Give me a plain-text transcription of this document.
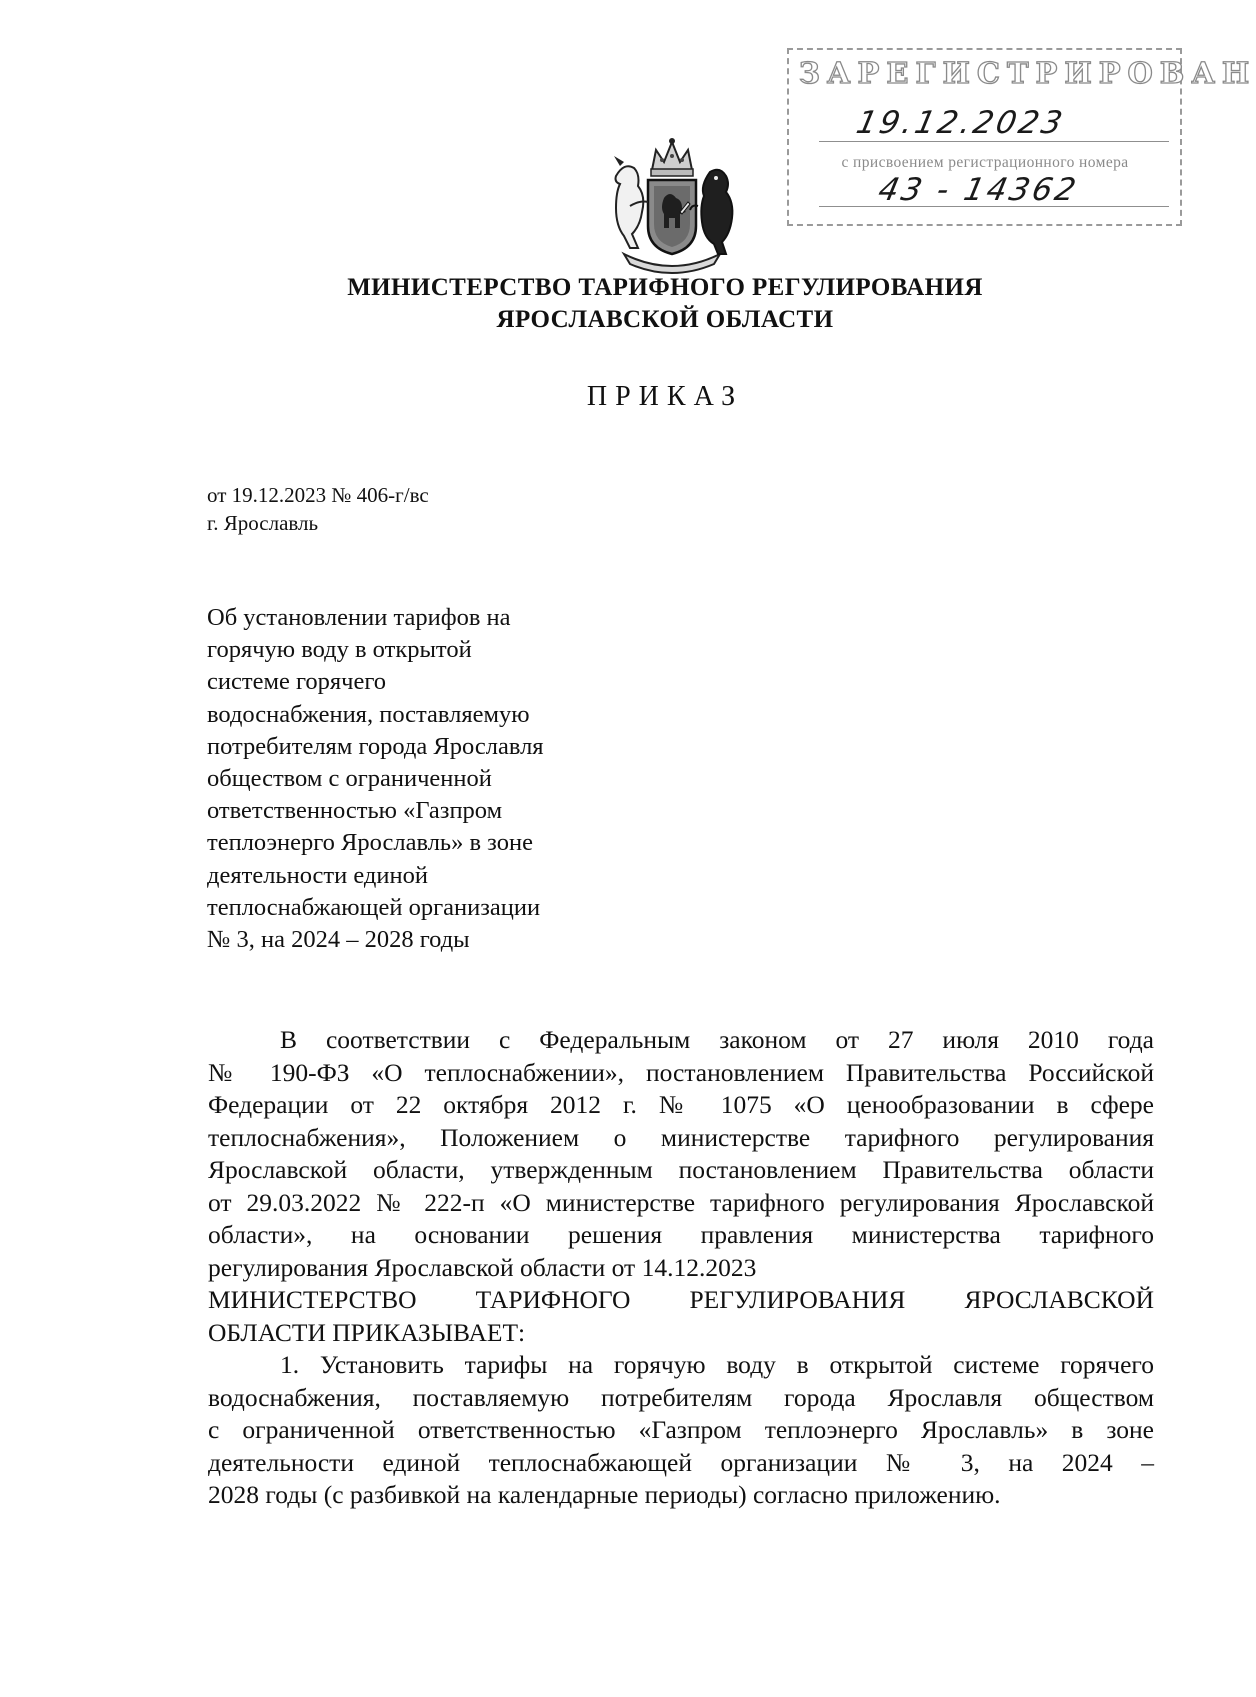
ЗАРЕГИСТРИРОВАН
19.12.2023
с присвоением регистрационного номера
43 - 14362
МИНИСТЕРСТВО ТАРИФНОГО РЕГУЛИРОВАНИЯ
ЯРОСЛАВСКОЙ ОБЛАСТИ
ПРИКАЗ
от 19.12.2023 № 406-г/вс
г. Ярославль
Об установлении тарифов на
горячую воду в открытой
системе горячего
водоснабжения, поставляемую
потребителям города Ярославля
обществом с ограниченной
ответственностью «Газпром
теплоэнерго Ярославль» в зоне
деятельности единой
теплоснабжающей организации
№ 3, на 2024 – 2028 годы
В соответствии с Федеральным законом от 27 июля 2010 года
№ 190-ФЗ «О теплоснабжении», постановлением Правительства Российской
Федерации от 22 октября 2012 г. № 1075 «О ценообразовании в сфере
теплоснабжения», Положением о министерстве тарифного регулирования
Ярославской области, утвержденным постановлением Правительства области
от 29.03.2022 № 222-п «О министерстве тарифного регулирования Ярославской
области», на основании решения правления министерства тарифного
регулирования Ярославской области от 14.12.2023
МИНИСТЕРСТВО ТАРИФНОГО РЕГУЛИРОВАНИЯ ЯРОСЛАВСКОЙ
ОБЛАСТИ ПРИКАЗЫВАЕТ:
1. Установить тарифы на горячую воду в открытой системе горячего
водоснабжения, поставляемую потребителям города Ярославля обществом
с ограниченной ответственностью «Газпром теплоэнерго Ярославль» в зоне
деятельности единой теплоснабжающей организации № 3, на 2024 –
2028 годы (с разбивкой на календарные периоды) согласно приложению.
